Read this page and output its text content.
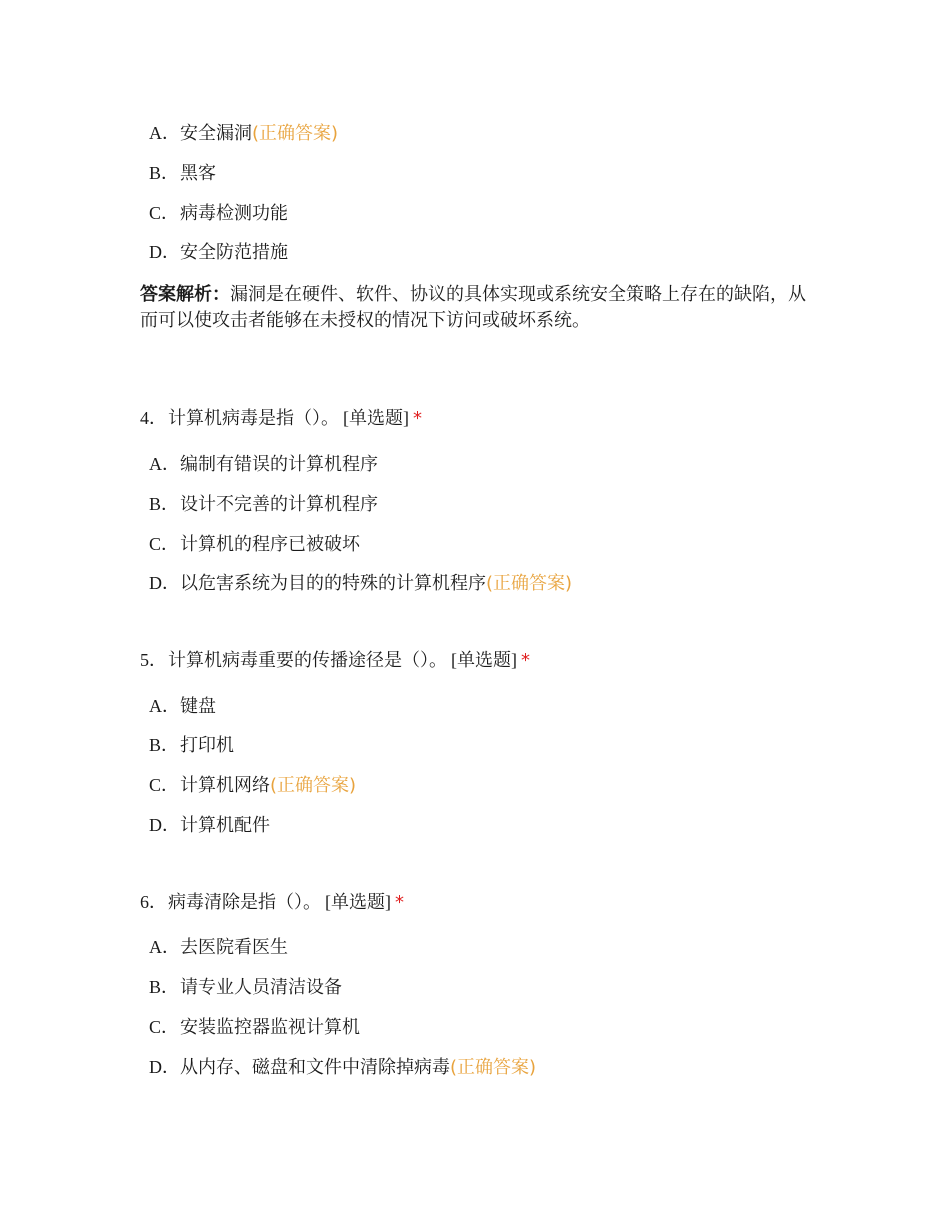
A．安全漏洞(正确答案)
B．黑客
C．病毒检测功能
D．安全防范措施
答案解析：漏洞是在硬件、软件、协议的具体实现或系统安全策略上存在的缺陷，从而可以使攻击者能够在未授权的情况下访问或破坏系统。
4．计算机病毒是指（）。 [单选题] *
A．编制有错误的计算机程序
B．设计不完善的计算机程序
C．计算机的程序已被破坏
D．以危害系统为目的的特殊的计算机程序(正确答案)
5．计算机病毒重要的传播途径是（）。 [单选题] *
A．键盘
B．打印机
C．计算机网络(正确答案)
D．计算机配件
6．病毒清除是指（）。 [单选题] *
A．去医院看医生
B．请专业人员清洁设备
C．安装监控器监视计算机
D．从内存、磁盘和文件中清除掉病毒(正确答案)
